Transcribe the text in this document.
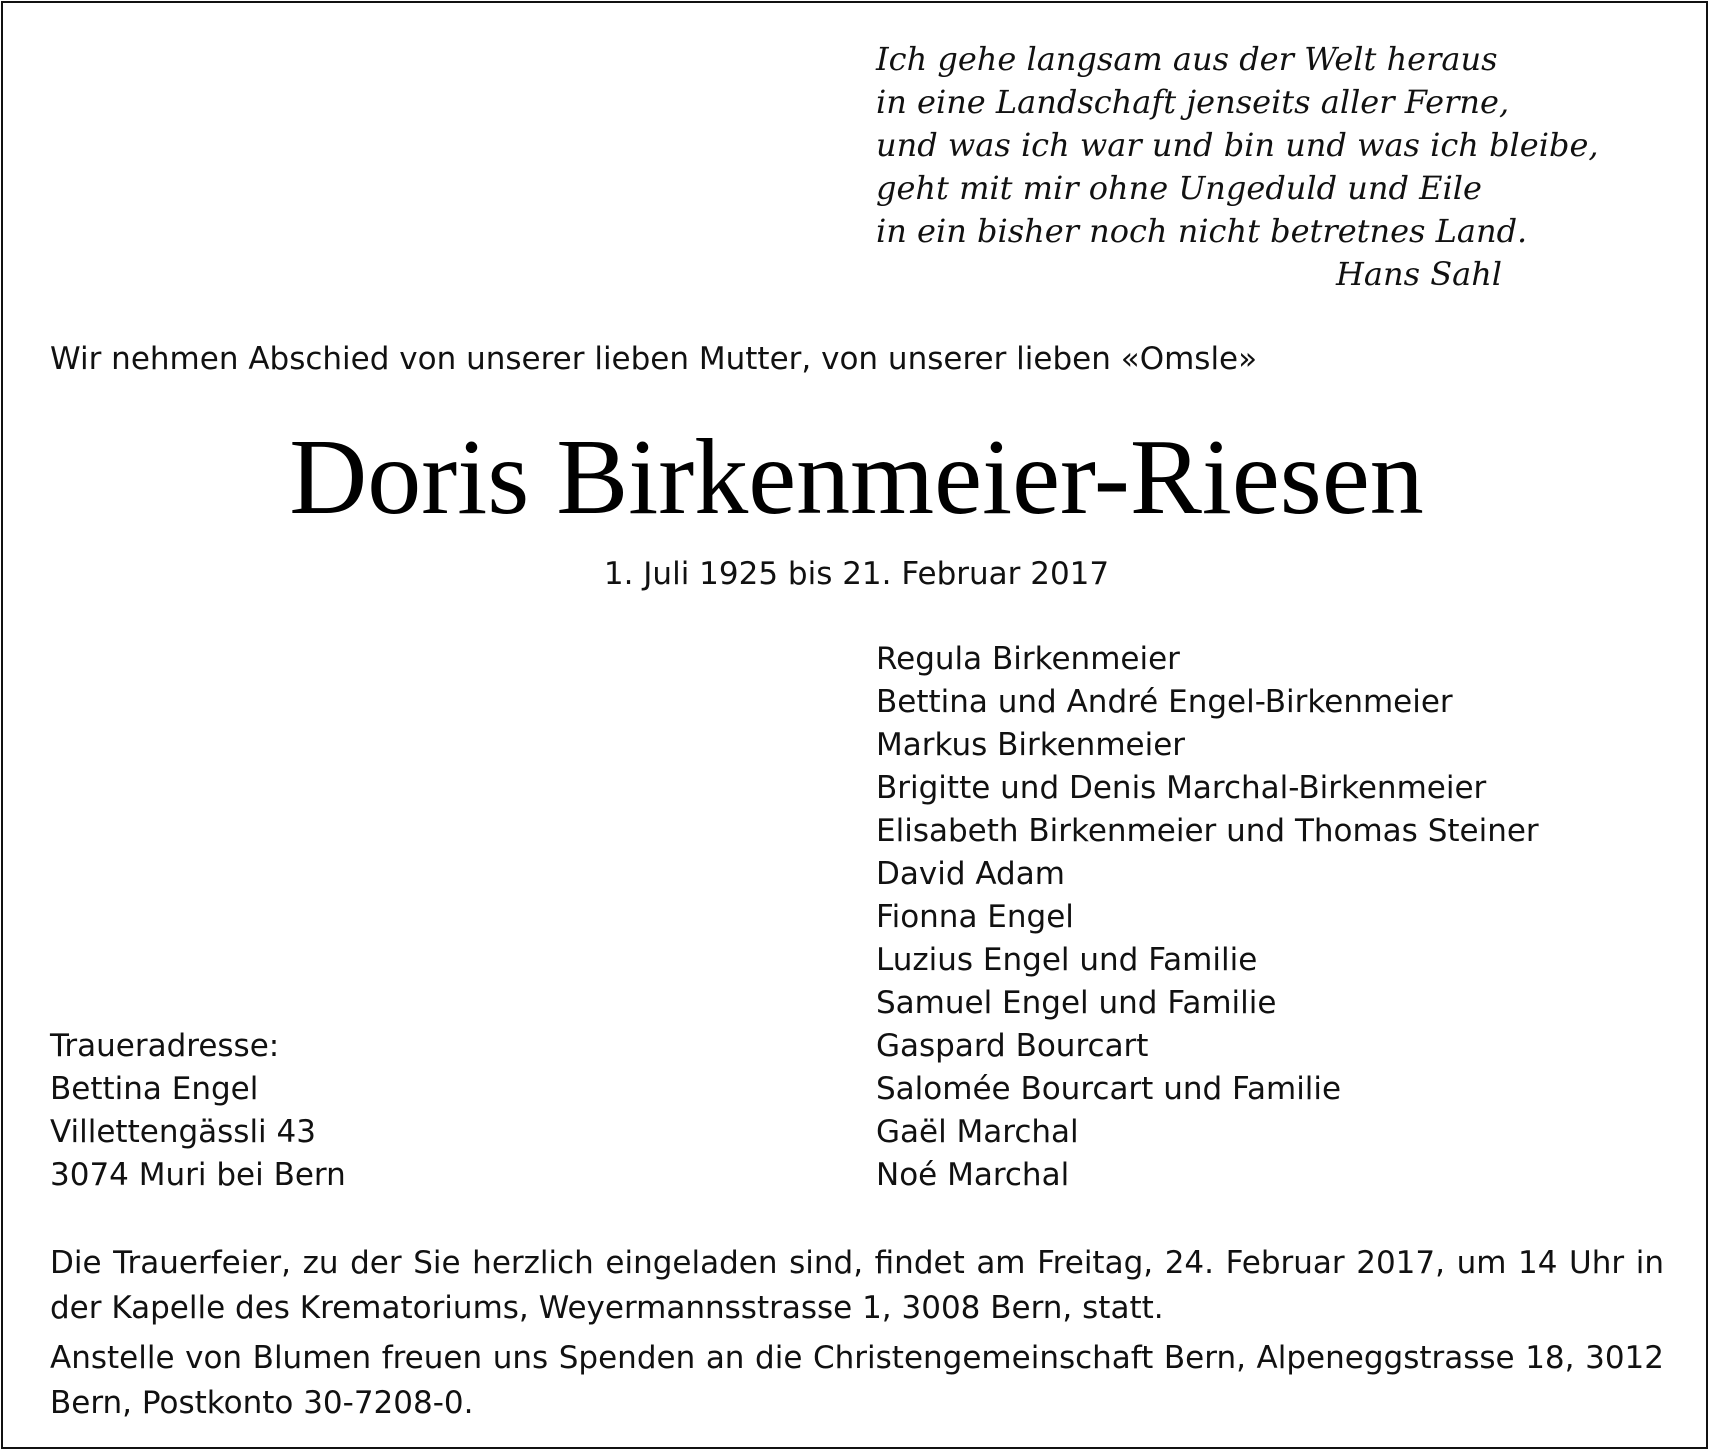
Ich gehe langsam aus der Welt heraus
in eine Landschaft jenseits aller Ferne,
und was ich war und bin und was ich bleibe,
geht mit mir ohne Ungeduld und Eile
in ein bisher noch nicht betretnes Land.
Hans Sahl
Wir nehmen Abschied von unserer lieben Mutter, von unserer lieben «Omsle»
Doris Birkenmeier-Riesen
1. Juli 1925 bis 21. Februar 2017
Regula Birkenmeier
Bettina und André Engel-Birkenmeier
Markus Birkenmeier
Brigitte und Denis Marchal-Birkenmeier
Elisabeth Birkenmeier und Thomas Steiner
David Adam
Fionna Engel
Luzius Engel und Familie
Samuel Engel und Familie
Gaspard Bourcart
Salomée Bourcart und Familie
Gaël Marchal
Noé Marchal
Traueradresse:
Bettina Engel
Villettengässli 43
3074 Muri bei Bern
Die Trauerfeier, zu der Sie herzlich eingeladen sind, findet am Freitag, 24. Februar 2017, um 14 Uhr in der Kapelle des Krematoriums, Weyermannsstrasse 1, 3008 Bern, statt.
Anstelle von Blumen freuen uns Spenden an die Christengemeinschaft Bern, Alpeneggstrasse 18, 3012 Bern, Postkonto 30-7208-0.
